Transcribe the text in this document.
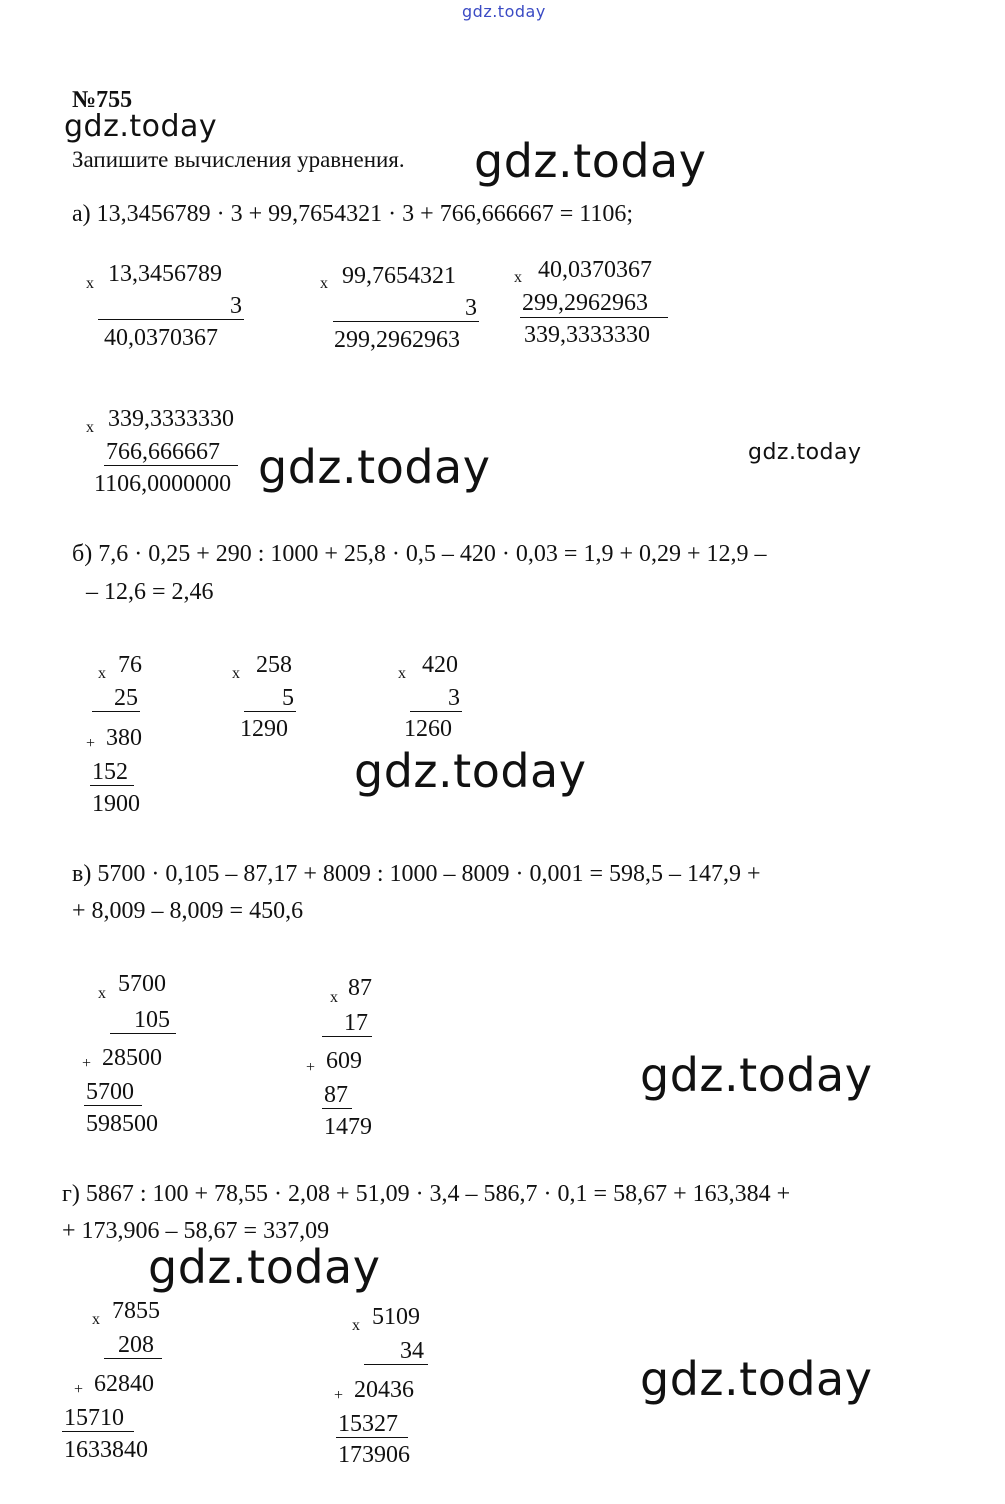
gdz.today
gdz.today
gdz.today
gdz.today	gdz.today
gdz.today
gdz.today
gdz.today
gdz.today
№755
Запишите вычисления уравнения.
а) 13,3456789 · 3 + 99,7654321 · 3 + 766,666667 = 1106;
x 13,3456789
3
40,0370367
x 99,7654321
3
299,2962963
x 40,0370367
299,2962963
339,3333330
x 339,3333330
766,666667
1106,0000000
б) 7,6 · 0,25 + 290 : 1000 + 25,8 · 0,5 – 420 · 0,03 = 1,9 + 0,29 + 12,9 –
– 12,6 = 2,46
x 76
25
+ 380
152
1900
x 258
5
1290
x 420
3
1260
в) 5700 · 0,105 – 87,17 + 8009 : 1000 – 8009 · 0,001 = 598,5 – 147,9 +
+ 8,009 – 8,009 = 450,6
x 5700
105
+ 28500
5700
598500
x 87
17
+ 609
87
1479
г) 5867 : 100 + 78,55 · 2,08 + 51,09 · 3,4 – 586,7 · 0,1 = 58,67 + 163,384 +
+ 173,906 – 58,67 = 337,09
x 7855
208
+ 62840
15710
1633840
x 5109
34
+ 20436
15327
173906
